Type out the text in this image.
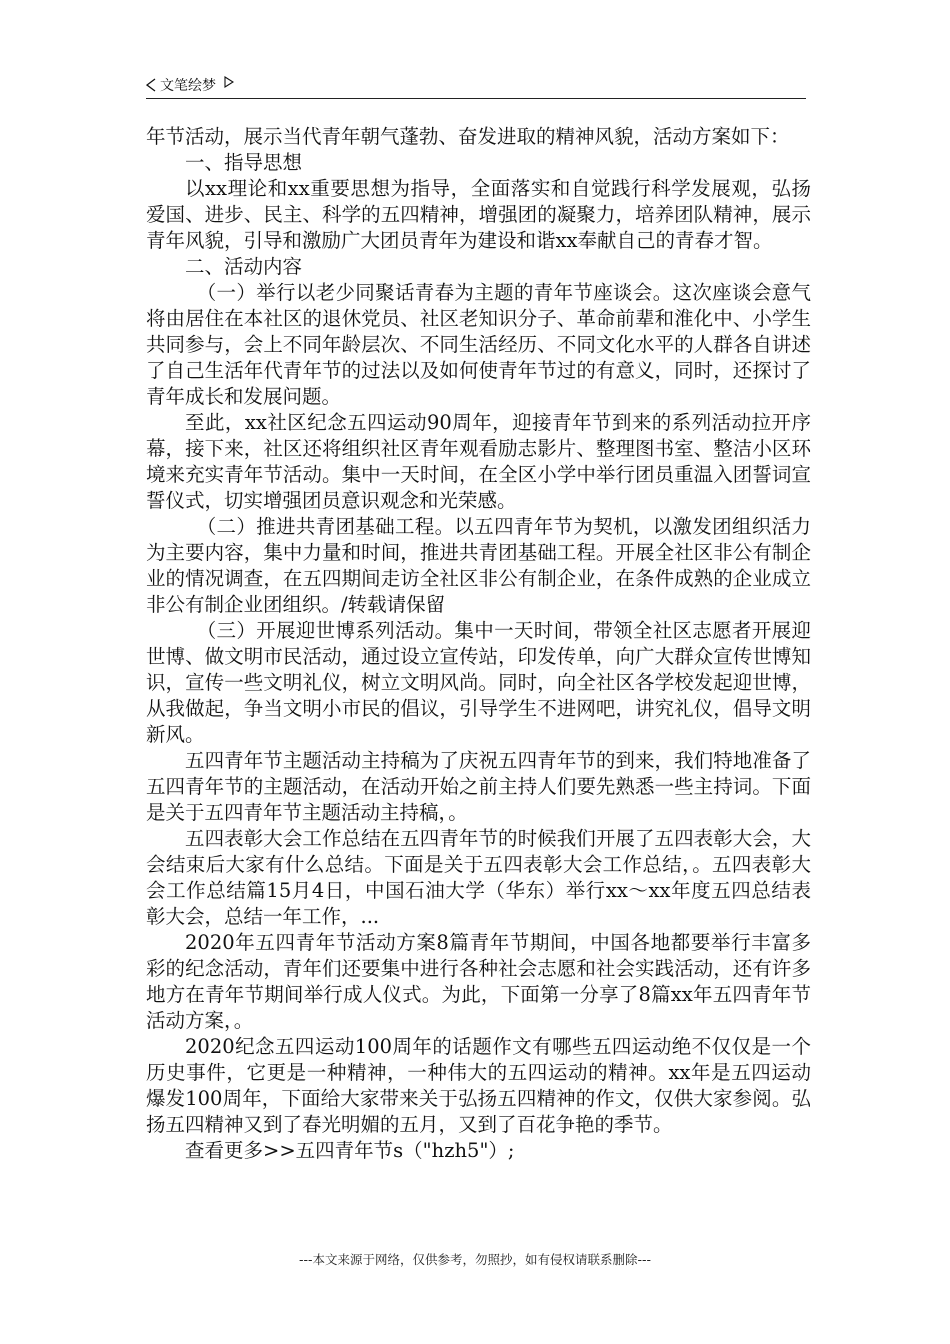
文笔绘梦

年节活动，展示当代青年朝气蓬勃、奋发进取的精神风貌，活动方案如下：

一、指导思想

以xx理论和xx重要思想为指导，全面落实和自觉践行科学发展观，弘扬爱国、进步、民主、科学的五四精神，增强团的凝聚力，培养团队精神，展示青年风貌，引导和激励广大团员青年为建设和谐xx奉献自己的青春才智。

二、活动内容

（一）举行以老少同聚话青春为主题的青年节座谈会。这次座谈会意气将由居住在本社区的退休党员、社区老知识分子、革命前辈和淮化中、小学生共同参与，会上不同年龄层次、不同生活经历、不同文化水平的人群各自讲述了自己生活年代青年节的过法以及如何使青年节过的有意义，同时，还探讨了青年成长和发展问题。

至此，xx社区纪念五四运动90周年，迎接青年节到来的系列活动拉开序幕，接下来，社区还将组织社区青年观看励志影片、整理图书室、整洁小区环境来充实青年节活动。集中一天时间，在全区小学中举行团员重温入团誓词宣誓仪式，切实增强团员意识观念和光荣感。

（二）推进共青团基础工程。以五四青年节为契机，以激发团组织活力为主要内容，集中力量和时间，推进共青团基础工程。开展全社区非公有制企业的情况调查，在五四期间走访全社区非公有制企业，在条件成熟的企业成立非公有制企业团组织。/转载请保留

（三）开展迎世博系列活动。集中一天时间，带领全社区志愿者开展迎世博、做文明市民活动，通过设立宣传站，印发传单，向广大群众宣传世博知识，宣传一些文明礼仪，树立文明风尚。同时，向全社区各学校发起迎世博，从我做起，争当文明小市民的倡议，引导学生不进网吧，讲究礼仪，倡导文明新风。

五四青年节主题活动主持稿为了庆祝五四青年节的到来，我们特地准备了五四青年节的主题活动，在活动开始之前主持人们要先熟悉一些主持词。下面是关于五四青年节主题活动主持稿，。

五四表彰大会工作总结在五四青年节的时候我们开展了五四表彰大会，大会结束后大家有什么总结。下面是关于五四表彰大会工作总结，。五四表彰大会工作总结篇15月4日，中国石油大学（华东）举行xx～xx年度五四总结表彰大会，总结一年工作，...

2020年五四青年节活动方案8篇青年节期间，中国各地都要举行丰富多彩的纪念活动，青年们还要集中进行各种社会志愿和社会实践活动，还有许多地方在青年节期间举行成人仪式。为此，下面第一分享了8篇xx年五四青年节活动方案，。

2020纪念五四运动100周年的话题作文有哪些五四运动绝不仅仅是一个历史事件，它更是一种精神，一种伟大的五四运动的精神。xx年是五四运动爆发100周年，下面给大家带来关于弘扬五四精神的作文，仅供大家参阅。弘扬五四精神又到了春光明媚的五月，又到了百花争艳的季节。

查看更多>>五四青年节s（"hzh5"）;

---本文来源于网络，仅供参考，勿照抄，如有侵权请联系删除---
